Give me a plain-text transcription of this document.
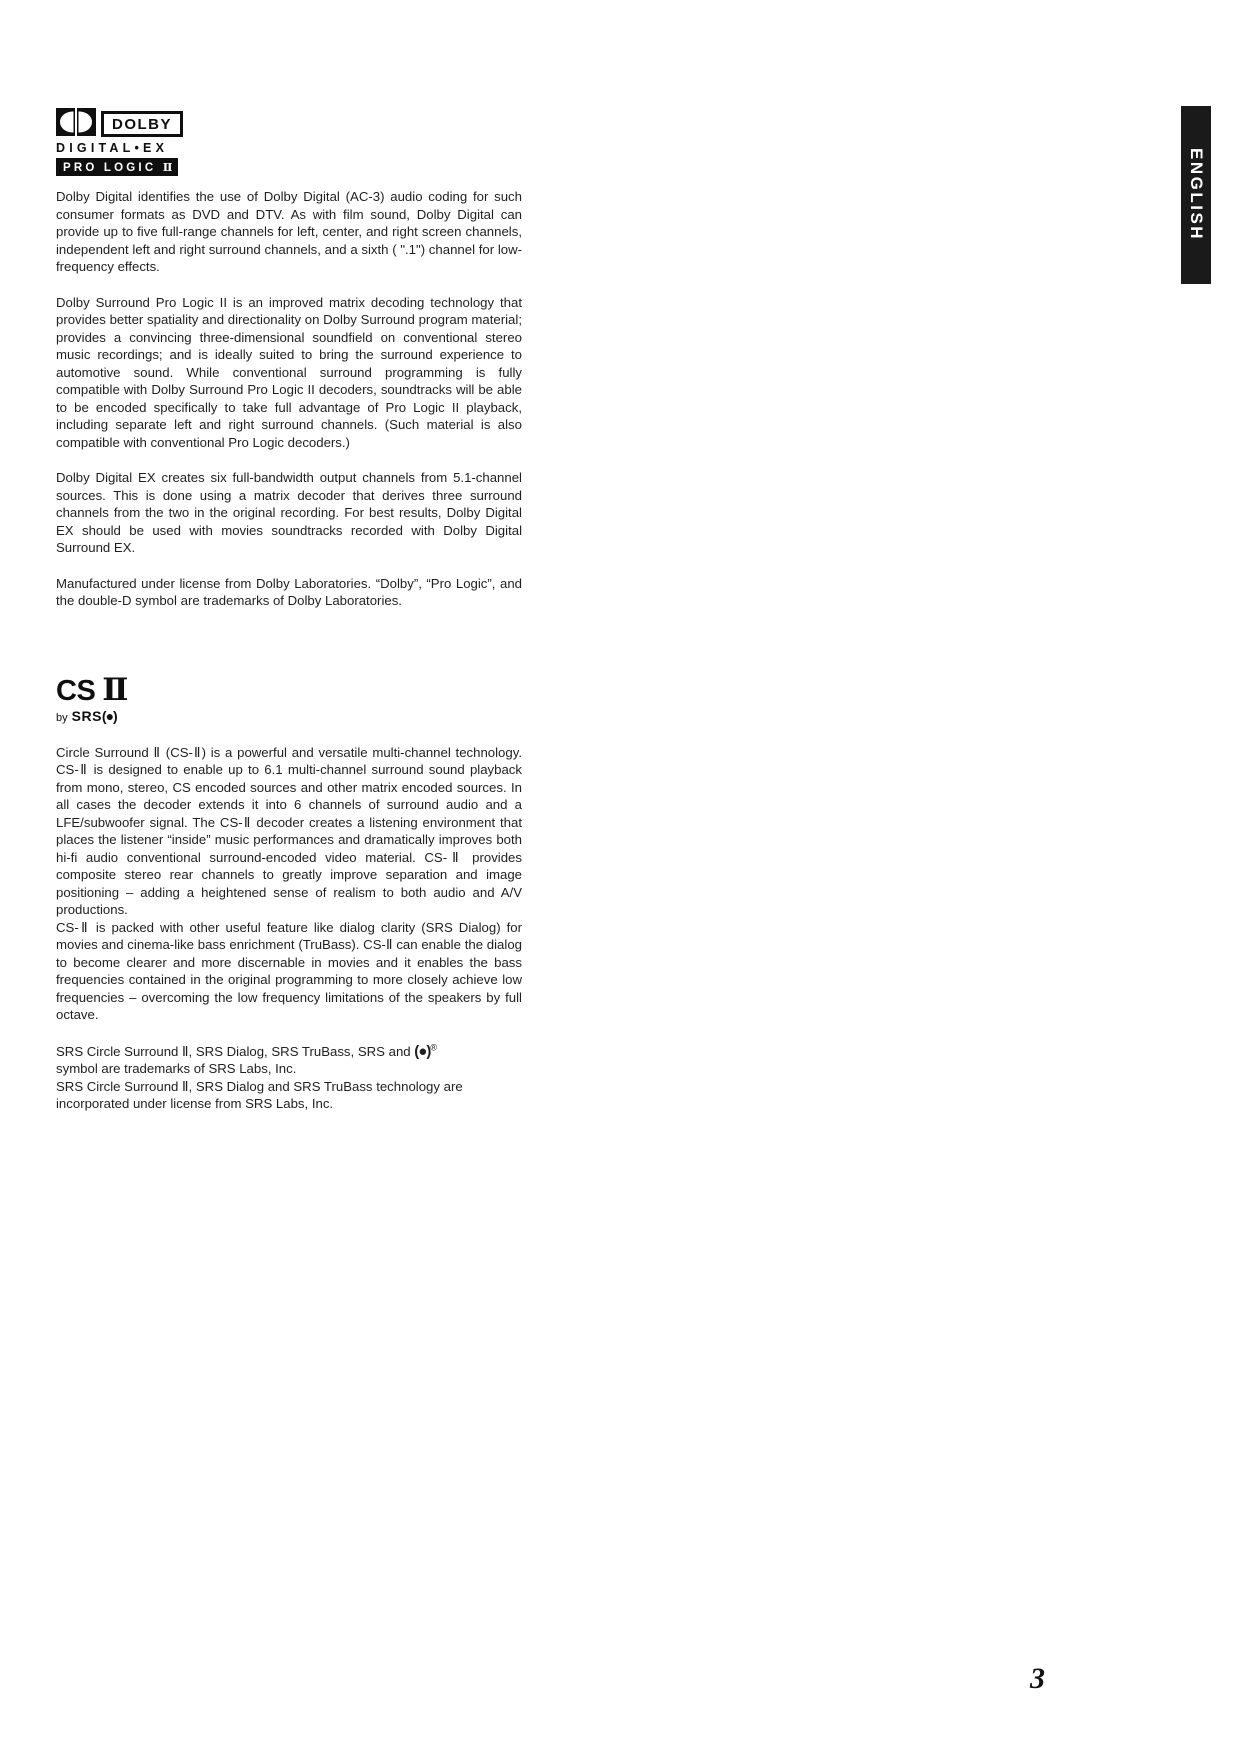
ENGLISH
DOLBY
DIGITAL•EX
PRO LOGIC Ⅱ

Dolby Digital identifies the use of Dolby Digital (AC-3) audio coding for such consumer formats as DVD and DTV. As with film sound, Dolby Digital can provide up to five full-range channels for left, center, and right screen channels, independent left and right surround channels, and a sixth ( ".1") channel for low-frequency effects.

Dolby Surround Pro Logic II is an improved matrix decoding technology that provides better spatiality and directionality on Dolby Surround program material; provides a convincing three-dimensional soundfield on conventional stereo music recordings; and is ideally suited to bring the surround experience to automotive sound. While conventional surround programming is fully compatible with Dolby Surround Pro Logic II decoders, soundtracks will be able to be encoded specifically to take full advantage of Pro Logic II playback, including separate left and right surround channels. (Such material is also compatible with conventional Pro Logic decoders.)

Dolby Digital EX creates six full-bandwidth output channels from 5.1-channel sources. This is done using a matrix decoder that derives three surround channels from the two in the original recording. For best results, Dolby Digital EX should be used with movies soundtracks recorded with Dolby Digital Surround EX.

Manufactured under license from Dolby Laboratories. “Dolby”, “Pro Logic”, and the double-D symbol are trademarks of Dolby Laboratories.

CS Ⅱ
by SRS (●)

Circle Surround Ⅱ (CS-Ⅱ) is a powerful and versatile multi-channel technology. CS-Ⅱ is designed to enable up to 6.1 multi-channel surround sound playback from mono, stereo, CS encoded sources and other matrix encoded sources. In all cases the decoder extends it into 6 channels of surround audio and a LFE/subwoofer signal. The CS-Ⅱ decoder creates a listening environment that places the listener “inside” music performances and dramatically improves both hi-fi audio conventional surround-encoded video material. CS-Ⅱ provides composite stereo rear channels to greatly improve separation and image positioning – adding a heightened sense of realism to both audio and A/V productions.

CS-Ⅱ is packed with other useful feature like dialog clarity (SRS Dialog) for movies and cinema-like bass enrichment (TruBass). CS-Ⅱ can enable the dialog to become clearer and more discernable in movies and it enables the bass frequencies contained in the original programming to more closely achieve low frequencies – overcoming the low frequency limitations of the speakers by full octave.

SRS Circle Surround Ⅱ, SRS Dialog, SRS TruBass, SRS and (●)®

symbol are trademarks of SRS Labs, Inc.

SRS Circle Surround Ⅱ, SRS Dialog and SRS TruBass technology are incorporated under license from SRS Labs, Inc.

3
